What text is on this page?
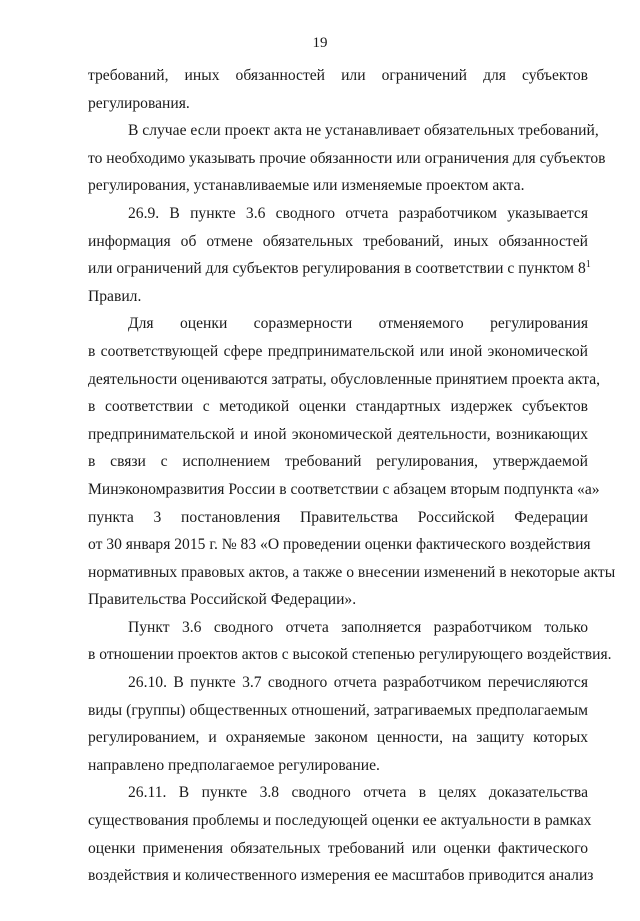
19
требований, иных обязанностей или ограничений для субъектов
регулирования.
В случае если проект акта не устанавливает обязательных требований,
то необходимо указывать прочие обязанности или ограничения для субъектов
регулирования, устанавливаемые или изменяемые проектом акта.
26.9. В пункте 3.6 сводного отчета разработчиком указывается
информация об отмене обязательных требований, иных обязанностей
или ограничений для субъектов регулирования в соответствии с пунктом $8^1$
Правил.
Для оценки соразмерности отменяемого регулирования
в соответствующей сфере предпринимательской или иной экономической
деятельности оцениваются затраты, обусловленные принятием проекта акта,
в соответствии с методикой оценки стандартных издержек субъектов
предпринимательской и иной экономической деятельности, возникающих
в связи с исполнением требований регулирования, утверждаемой
Минэкономразвития России в соответствии с абзацем вторым подпункта «а»
пункта 3 постановления Правительства Российской Федерации
от 30 января 2015 г. № 83 «О проведении оценки фактического воздействия
нормативных правовых актов, а также о внесении изменений в некоторые акты
Правительства Российской Федерации».
Пункт 3.6 сводного отчета заполняется разработчиком только
в отношении проектов актов с высокой степенью регулирующего воздействия.
26.10. В пункте 3.7 сводного отчета разработчиком перечисляются
виды (группы) общественных отношений, затрагиваемых предполагаемым
регулированием, и охраняемые законом ценности, на защиту которых
направлено предполагаемое регулирование.
26.11. В пункте 3.8 сводного отчета в целях доказательства
существования проблемы и последующей оценки ее актуальности в рамках
оценки применения обязательных требований или оценки фактического
воздействия и количественного измерения ее масштабов приводится анализ
